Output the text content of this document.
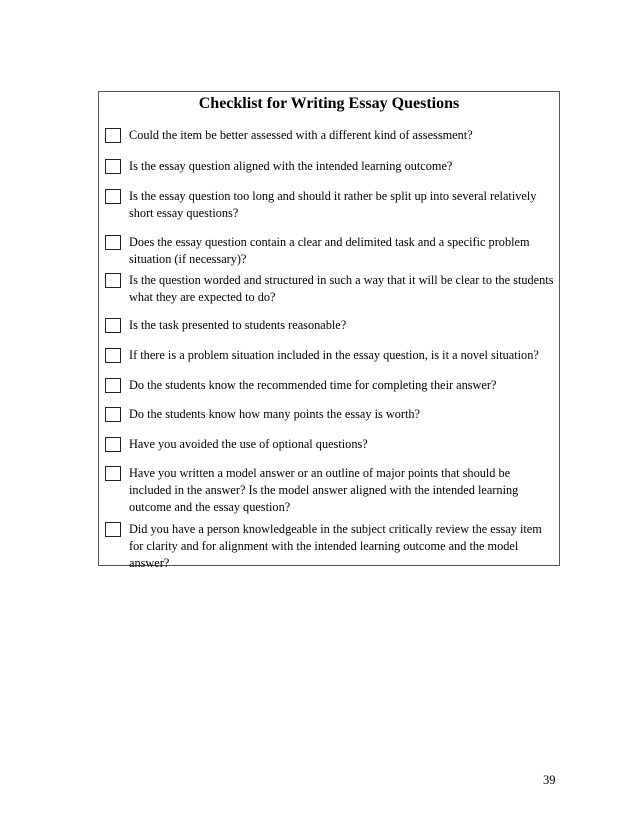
Checklist for Writing Essay Questions
Could the item be better assessed with a different kind of assessment?
Is the essay question aligned with the intended learning outcome?
Is the essay question too long and should it rather be split up into several relatively short essay questions?
Does the essay question contain a clear and delimited task and a specific problem situation (if necessary)?
Is the question worded and structured in such a way that it will be clear to the students what they are expected to do?
Is the task presented to students reasonable?
If there is a problem situation included in the essay question, is it a novel situation?
Do the students know the recommended time for completing their answer?
Do the students know how many points the essay is worth?
Have you avoided the use of optional questions?
Have you written a model answer or an outline of major points that should be included in the answer? Is the model answer aligned with the intended learning outcome and the essay question?
Did you have a person knowledgeable in the subject critically review the essay item for clarity and for alignment with the intended learning outcome and the model answer?
39
